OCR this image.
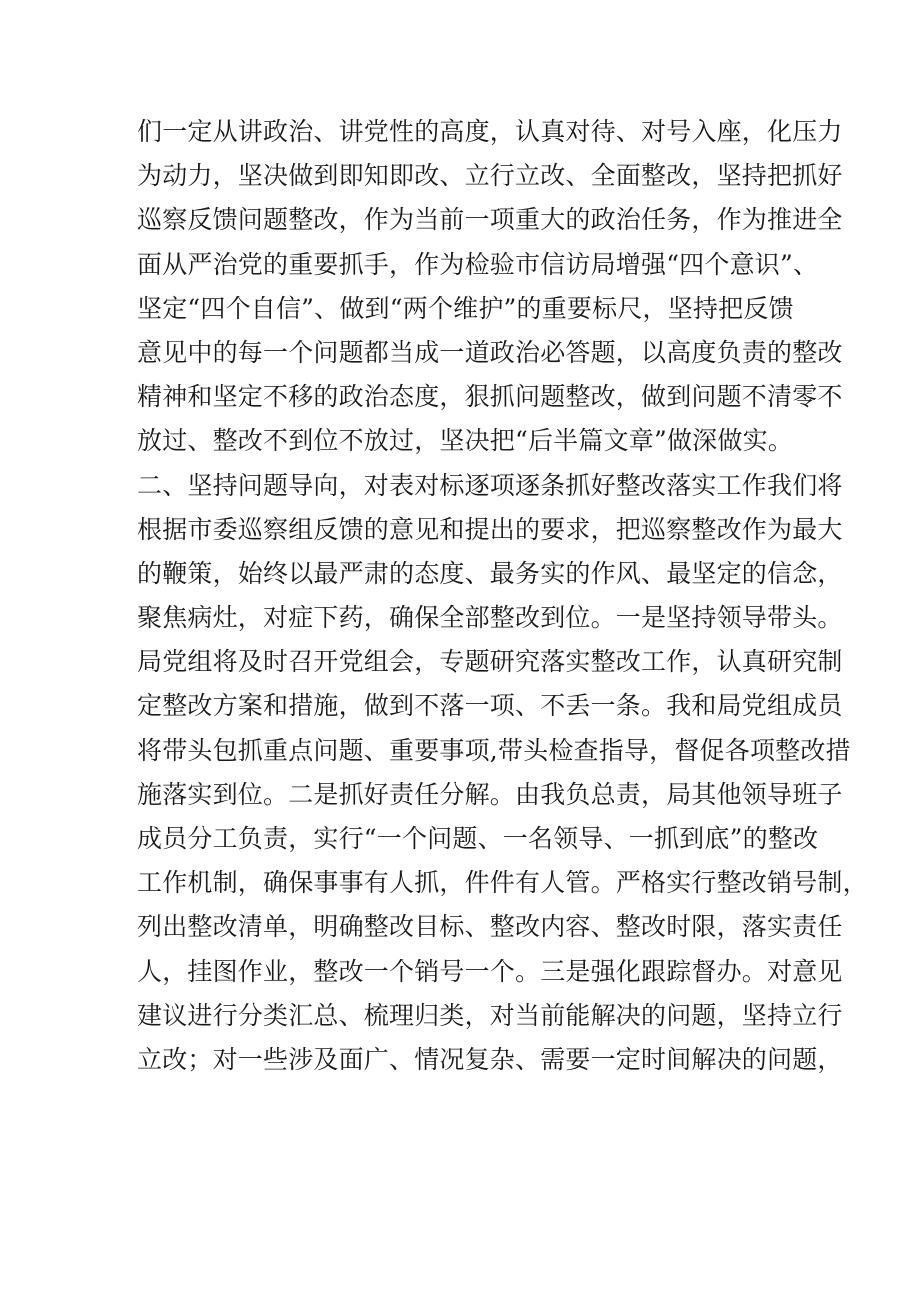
们一定从讲政治、讲党性的高度，认真对待、对号入座，化压力
为动力，坚决做到即知即改、立行立改、全面整改，坚持把抓好
巡察反馈问题整改，作为当前一项重大的政治任务，作为推进全
面从严治党的重要抓手，作为检验市信访局增强“四个意识”、
坚定“四个自信”、做到“两个维护”的重要标尺，坚持把反馈
意见中的每一个问题都当成一道政治必答题，以高度负责的整改
精神和坚定不移的政治态度，狠抓问题整改，做到问题不清零不
放过、整改不到位不放过，坚决把“后半篇文章”做深做实。
二、坚持问题导向，对表对标逐项逐条抓好整改落实工作我们将
根据市委巡察组反馈的意见和提出的要求，把巡察整改作为最大
的鞭策，始终以最严肃的态度、最务实的作风、最坚定的信念，
聚焦病灶，对症下药，确保全部整改到位。一是坚持领导带头。
局党组将及时召开党组会，专题研究落实整改工作，认真研究制
定整改方案和措施，做到不落一项、不丢一条。我和局党组成员
将带头包抓重点问题、重要事项,带头检查指导，督促各项整改措
施落实到位。二是抓好责任分解。由我负总责，局其他领导班子
成员分工负责，实行“一个问题、一名领导、一抓到底”的整改
工作机制，确保事事有人抓，件件有人管。严格实行整改销号制，
列出整改清单，明确整改目标、整改内容、整改时限，落实责任
人，挂图作业，整改一个销号一个。三是强化跟踪督办。对意见
建议进行分类汇总、梳理归类，对当前能解决的问题，坚持立行
立改；对一些涉及面广、情况复杂、需要一定时间解决的问题，
